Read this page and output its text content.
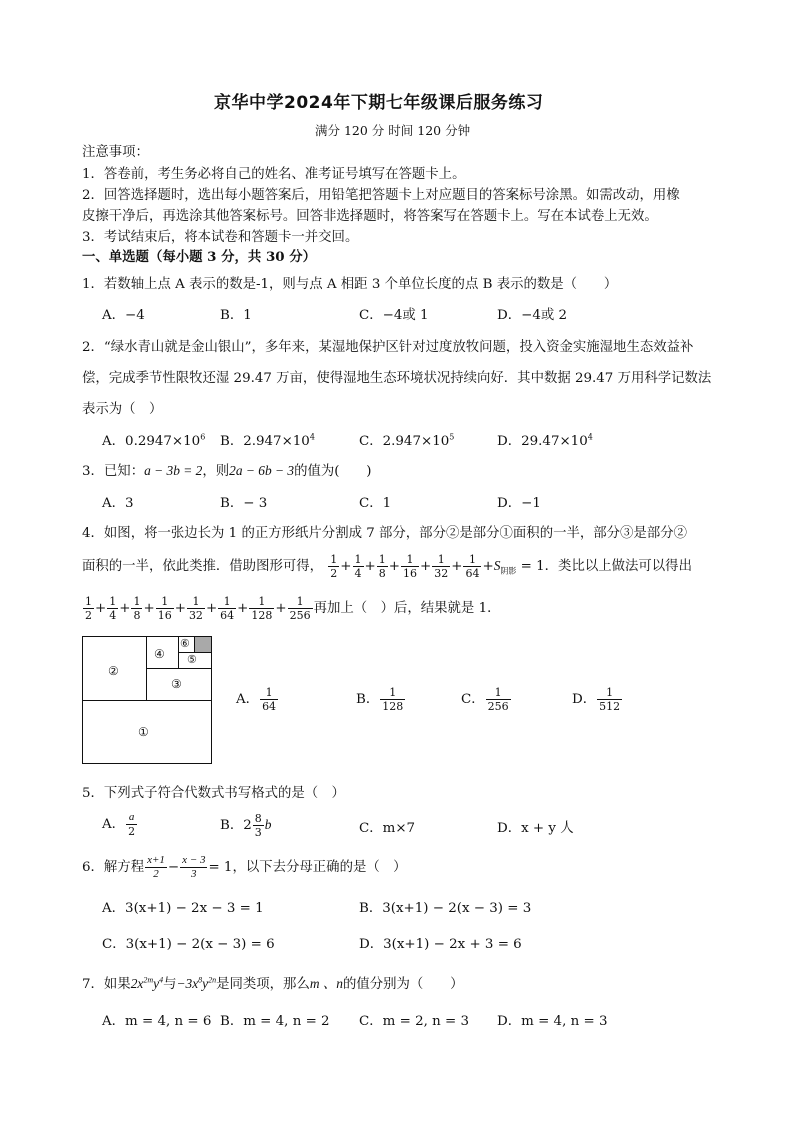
京华中学2024年下期七年级课后服务练习
满分 120 分 时间 120 分钟
注意事项：
1．答卷前，考生务必将自己的姓名、准考证号填写在答题卡上。
2．回答选择题时，选出每小题答案后，用铅笔把答题卡上对应题目的答案标号涂黑。如需改动，用橡
皮擦干净后，再选涂其他答案标号。回答非选择题时，将答案写在答题卡上。写在本试卷上无效。
3．考试结束后，将本试卷和答题卡一并交回。
一、单选题（每小题 3 分，共 30 分）
1．若数轴上点 A 表示的数是-1，则与点 A 相距 3 个单位长度的点 B 表示的数是（　　）
A．−4	B．1	C．−4或 1	D．−4或 2
2．“绿水青山就是金山银山”，多年来，某湿地保护区针对过度放牧问题，投入资金实施湿地生态效益补
偿，完成季节性限牧还湿 29.47 万亩，使得湿地生态环境状况持续向好．其中数据 29.47 万用科学记数法
表示为（　）
A．$0.2947\times 10^6$ B．$2.947\times 10^4$	C．$2.947\times 10^5$	D．$29.47\times 10^4$
3．已知：a − 3b = 2，则2a − 6b − 3的值为(　　)
A．3	B．− 3	C．1	D．−1
4．如图，将一张边长为 1 的正方形纸片分割成 7 部分，部分②是部分①面积的一半，部分③是部分②
面积的一半，依此类推．借助图形可得， $\frac{1}{2} + \frac{1}{4} + \frac{1}{8} + \frac{1}{16} + \frac{1}{32} + \frac{1}{64} +S_{阴影} = 1$．类比以上做法可以得出
$\frac{1}{2} + \frac{1}{4} + \frac{1}{8} + \frac{1}{16} + \frac{1}{32} + \frac{1}{64} + \frac{1}{128} + \frac{1}{256}$ 再加上（　）后，结果就是 1．
①
②
③
④ ⑤
⑥
A． $\frac{1}{64}$	B． $\frac{1}{128}$	C． $\frac{1}{256}$	D． $\frac{1}{512}$
5．下列式子符合代数式书写格式的是（　）
A． $\frac{a}{2}$	B．$2 \frac{8}{3}$ b	C．m×7	D．x + y 人
6．解方程 $\frac{x+1}{2} - \frac{x - 3}{3} = 1$，以下去分母正确的是（　）
A．3(x+1) − 2x − 3 = 1	B．3(x+1) − 2(x − 3) = 3
C．3(x+1) − 2(x − 3) = 6	D．3(x+1) − 2x + 3 = 6
7．如果$2x^{2m}y^4$与$-3x^8y^{2n}$是同类项，那么m 、n的值分别为（　　）
A．m = 4, n = 6 B．m = 4, n = 2 C．m = 2, n = 3 D．m = 4, n = 3
